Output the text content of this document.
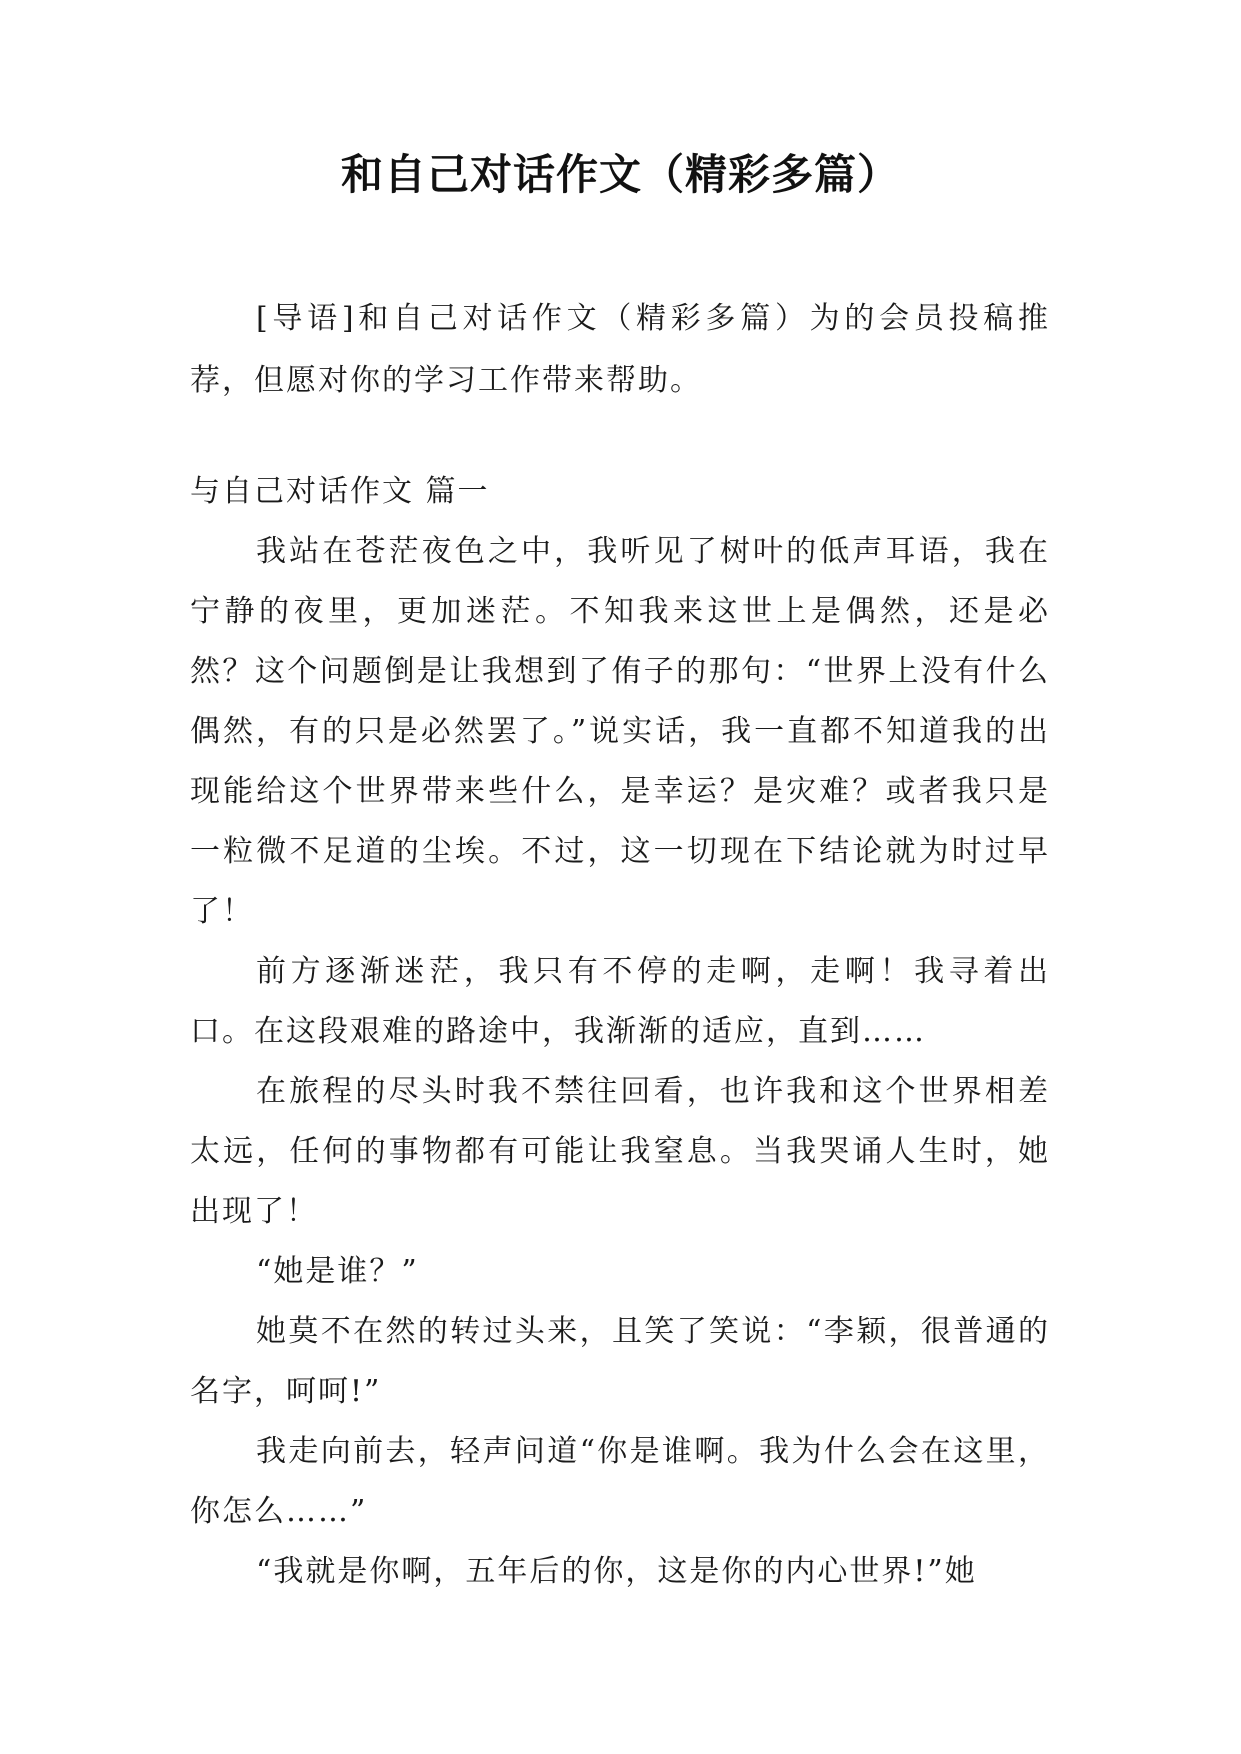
和自己对话作文（精彩多篇）
[导语]和自己对话作文（精彩多篇）为的会员投稿推荐，但愿对你的学习工作带来帮助。

与自己对话作文 篇一

我站在苍茫夜色之中，我听见了树叶的低声耳语，我在宁静的夜里，更加迷茫。不知我来这世上是偶然，还是必然？这个问题倒是让我想到了侑子的那句：“世界上没有什么偶然，有的只是必然罢了。”说实话，我一直都不知道我的出现能给这个世界带来些什么，是幸运？是灾难？或者我只是一粒微不足道的尘埃。不过，这一切现在下结论就为时过早了！

前方逐渐迷茫，我只有不停的走啊，走啊！我寻着出口。在这段艰难的路途中，我渐渐的适应，直到……

在旅程的尽头时我不禁往回看，也许我和这个世界相差太远，任何的事物都有可能让我窒息。当我哭诵人生时，她出现了！

“她是谁？”

她莫不在然的转过头来，且笑了笑说：“李颖，很普通的名字，呵呵!”

我走向前去，轻声问道“你是谁啊。我为什么会在这里，你怎么……”

“我就是你啊，五年后的你，这是你的内心世界!”她
